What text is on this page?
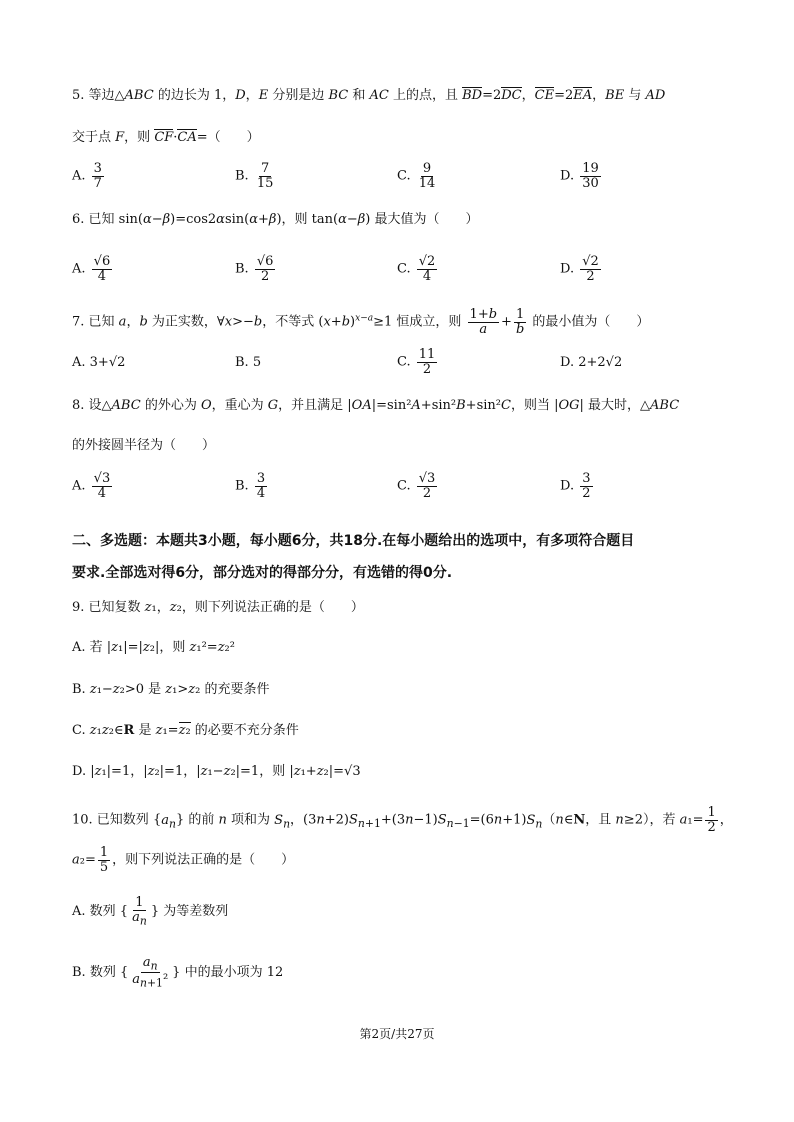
5. 等边△ABC 的边长为 1，D，E 分别是边 BC 和 AC 上的点，且 BD=2DC，CE=2EA，BE 与 AD
交于点 F，则 CF·CA=（　　）
A. $\frac{3}{7}$	B. $\frac{7}{15}$	C. $\frac{9}{14}$	D. $\frac{19}{30}$
6. 已知 sin(α−β)=cos2αsin(α+β)，则 tan(α−β) 最大值为（　　）
A. $\frac{√6}{4}$	B. $\frac{√6}{2}$	C. $\frac{√2}{4}$	D. $\frac{√2}{2}$
7. 已知 a，b 为正实数，∀x>−b，不等式 $(x+b)^{x-a}\ge 1$ 恒成立，则 $\frac{1+b}{a} + \frac{1}{b}$ 的最小值为（　　）
A. 3+√2	B. 5	C. $\frac{11}{2}$	D. 2+2√2
8. 设△ABC 的外心为 O，重心为 G，并且满足 |OA|=sin²A+sin²B+sin²C，则当 |OG| 最大时，△ABC
的外接圆半径为（　　）
A. $\frac{√3}{4}$	B. $\frac{3}{4}$	C. $\frac{√3}{2}$	D. $\frac{3}{2}$
二、多选题：本题共3小题，每小题6分，共18分.在每小题给出的选项中，有多项符合题目
要求.全部选对得6分，部分选对的得部分分，有选错的得0分.
9. 已知复数 z₁，z₂，则下列说法正确的是（　　）
A. 若 |z₁|=|z₂|，则 z₁²=z₂²
B. z₁−z₂>0 是 z₁>z₂ 的充要条件
C. z₁z₂∈R 是 z₁=z₂ 的必要不充分条件
D. |z₁|=1，|z₂|=1，|z₁−z₂|=1，则 |z₁+z₂|=√3
10. 已知数列 $\{a_n\}$ 的前 n 项和为 $S_n$，$(3n+2)S_{n+1}+(3n-1)S_{n-1}=(6n+1)S_n(n\in N$，且 n≥2），若 $a_1= \frac{1}{2}$ ，
$a_2= \frac{1}{5}$ ，则下列说法正确的是（　　）
A. 数列 { $\frac{1}{a_n}$ } 为等差数列
B. 数列 { $\frac{a_n}{a_{n+1}^2}$ } 中的最小项为 12
第2页/共27页
